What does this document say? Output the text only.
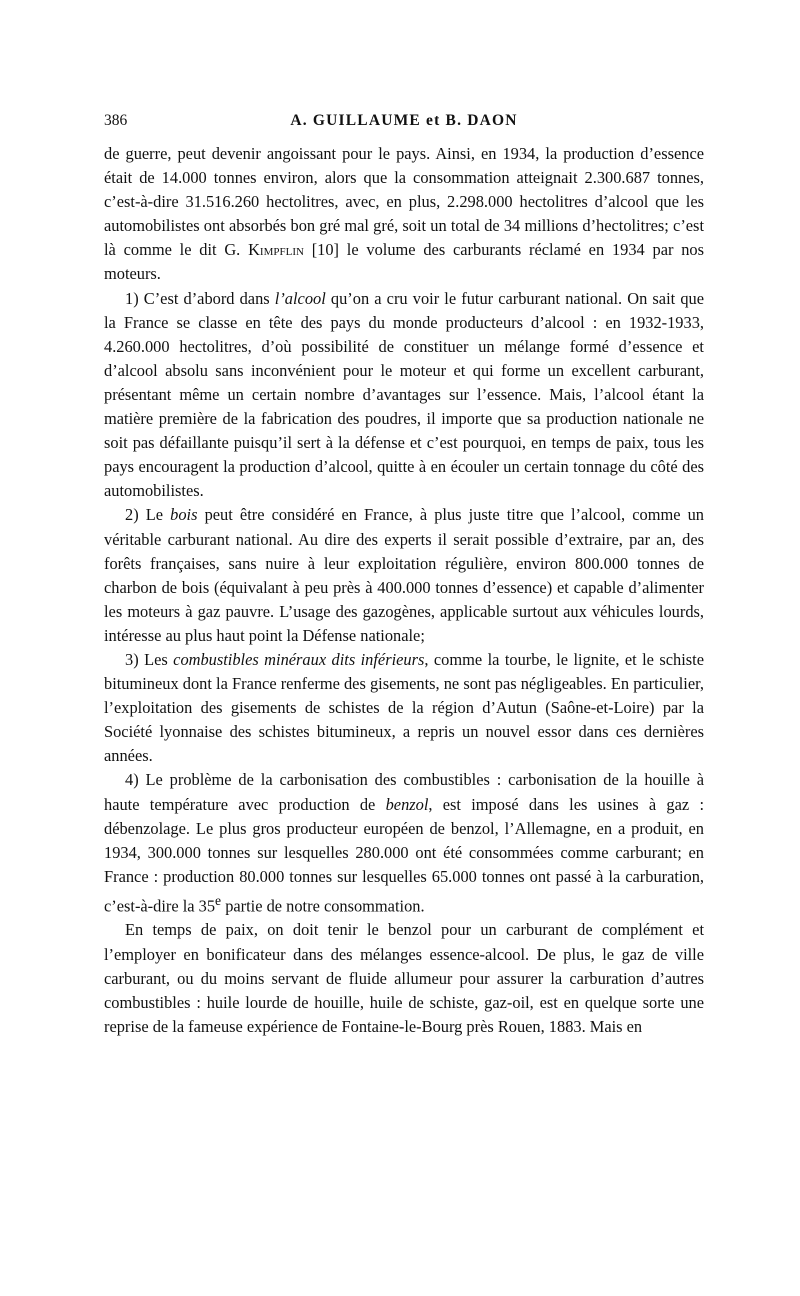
386	A. GUILLAUME et B. DAON

de guerre, peut devenir angoissant pour le pays. Ainsi, en 1934, la production d’essence était de 14.000 tonnes environ, alors que la consommation atteignait 2.300.687 tonnes, c’est-à-dire 31.516.260 hectolitres, avec, en plus, 2.298.000 hectolitres d’alcool que les automobilistes ont absorbés bon gré mal gré, soit un total de 34 millions d’hectolitres; c’est là comme le dit G. Kimpflin [10] le volume des carburants réclamé en 1934 par nos moteurs.

1) C’est d’abord dans l’alcool qu’on a cru voir le futur carburant national. On sait que la France se classe en tête des pays du monde producteurs d’alcool : en 1932-1933, 4.260.000 hectolitres, d’où possibilité de constituer un mélange formé d’essence et d’alcool absolu sans inconvénient pour le moteur et qui forme un excellent carburant, présentant même un certain nombre d’avantages sur l’essence. Mais, l’alcool étant la matière première de la fabrication des poudres, il importe que sa production nationale ne soit pas défaillante puisqu’il sert à la défense et c’est pourquoi, en temps de paix, tous les pays encouragent la production d’alcool, quitte à en écouler un certain tonnage du côté des automobilistes.

2) Le bois peut être considéré en France, à plus juste titre que l’alcool, comme un véritable carburant national. Au dire des experts il serait possible d’extraire, par an, des forêts françaises, sans nuire à leur exploitation régulière, environ 800.000 tonnes de charbon de bois (équivalant à peu près à 400.000 tonnes d’essence) et capable d’alimenter les moteurs à gaz pauvre. L’usage des gazogènes, applicable surtout aux véhicules lourds, intéresse au plus haut point la Défense nationale;

3) Les combustibles minéraux dits inférieurs, comme la tourbe, le lignite, et le schiste bitumineux dont la France renferme des gisements, ne sont pas négligeables. En particulier, l’exploitation des gisements de schistes de la région d’Autun (Saône-et-Loire) par la Société lyonnaise des schistes bitumineux, a repris un nouvel essor dans ces dernières années.

4) Le problème de la carbonisation des combustibles : carbonisation de la houille à haute température avec production de benzol, est imposé dans les usines à gaz : débenzolage. Le plus gros producteur européen de benzol, l’Allemagne, en a produit, en 1934, 300.000 tonnes sur lesquelles 280.000 ont été consommées comme carburant; en France : production 80.000 tonnes sur lesquelles 65.000 tonnes ont passé à la carburation, c’est-à-dire la 35e partie de notre consommation.

En temps de paix, on doit tenir le benzol pour un carburant de complément et l’employer en bonificateur dans des mélanges essence-alcool. De plus, le gaz de ville carburant, ou du moins servant de fluide allumeur pour assurer la carburation d’autres combustibles : huile lourde de houille, huile de schiste, gaz-oil, est en quelque sorte une reprise de la fameuse expérience de Fontaine-le-Bourg près Rouen, 1883. Mais en
